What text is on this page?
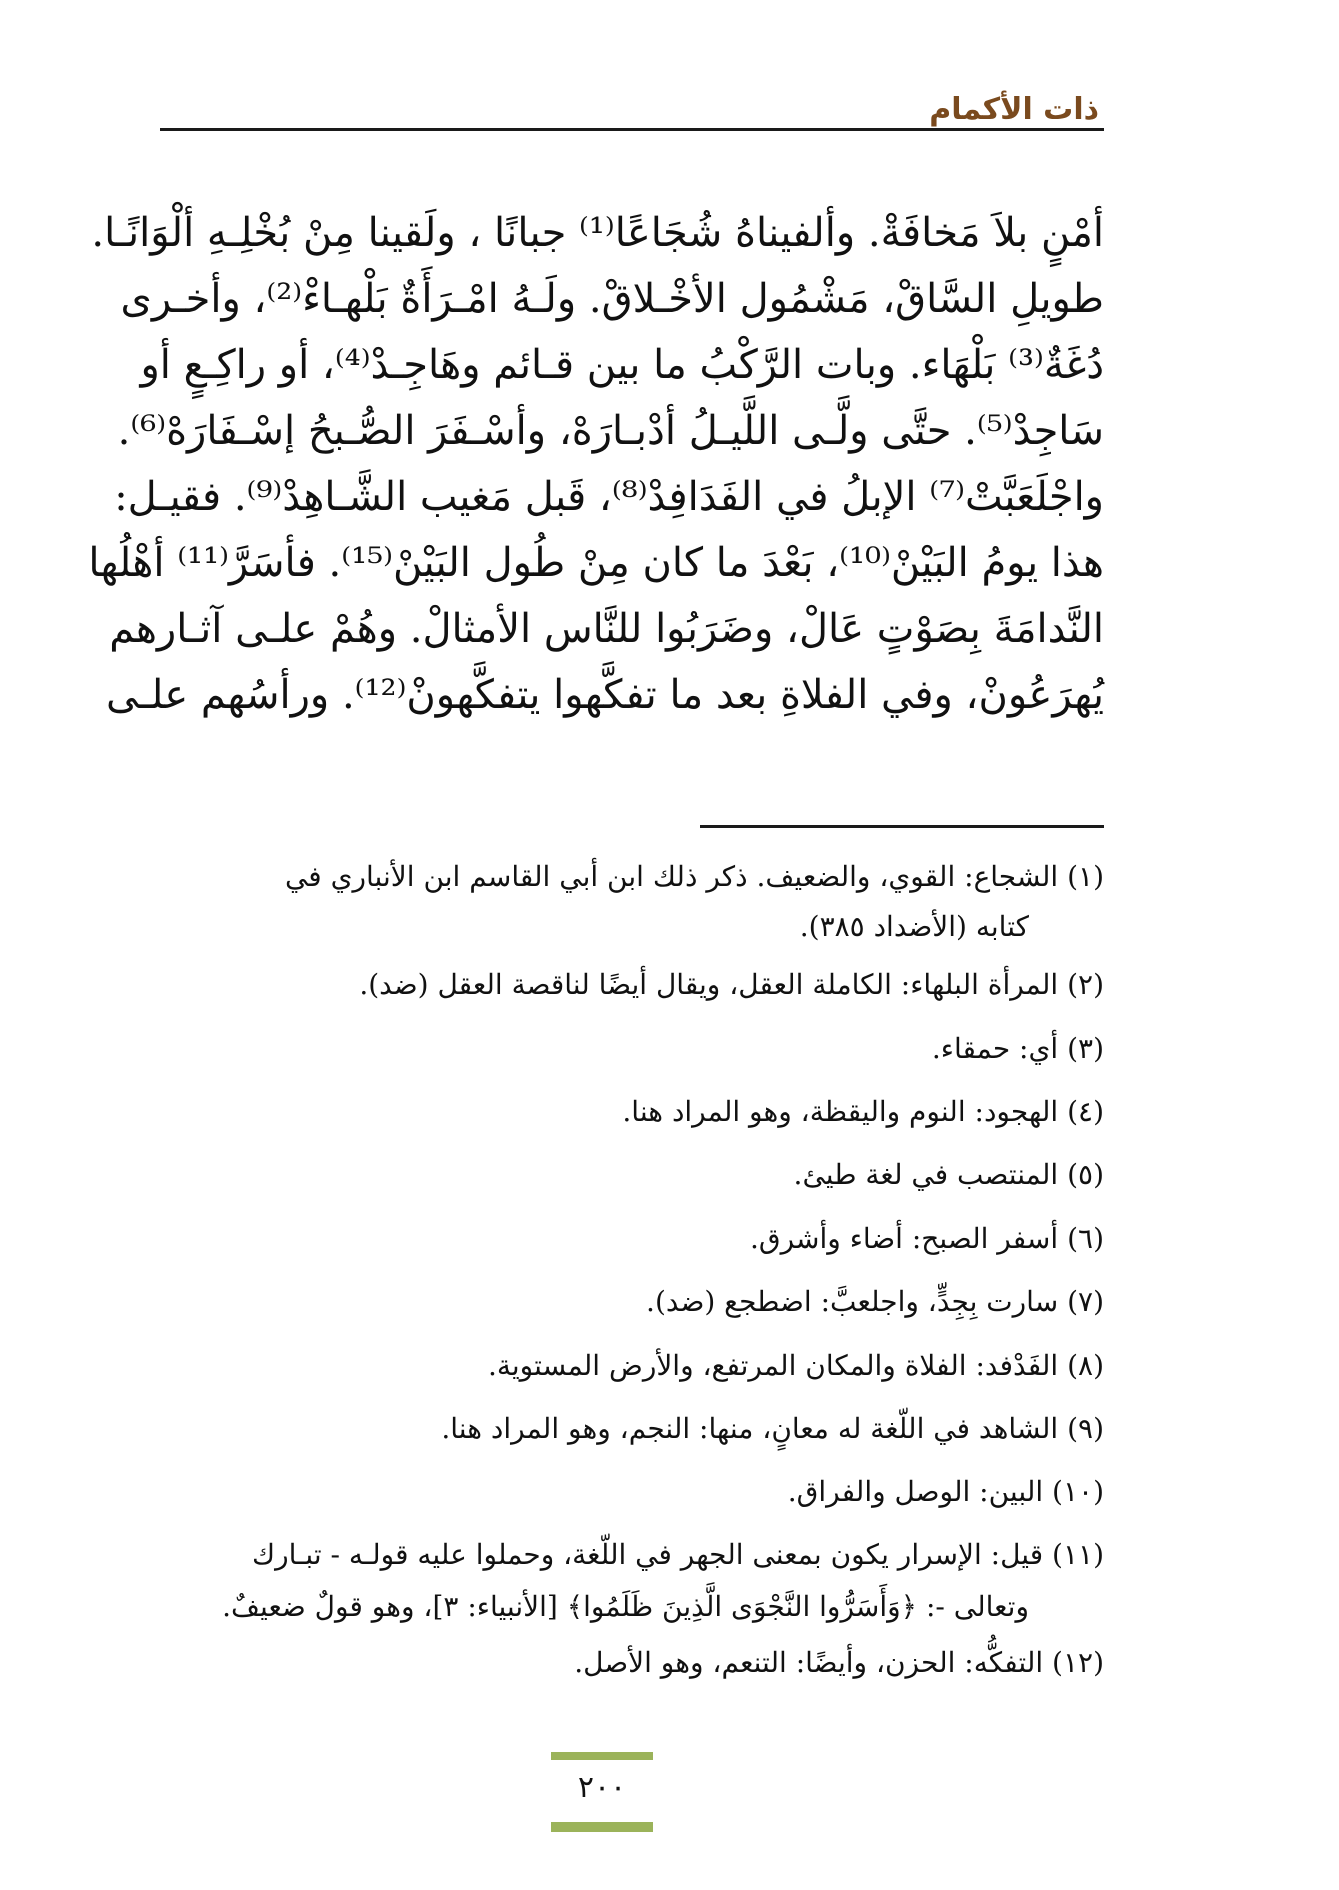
ذات الأكمام
أمْنٍ بلاَ مَخافَةْ. وألفيناهُ شُجَاعًا⁽¹⁾ جبانًا ، ولَقينا مِنْ بُخْلِـهِ ألْوَانًـا.
طويلِ السَّاقْ، مَشْمُول الأخْـلاقْ. ولَـهُ امْـرَأَةٌ بَلْهـاءْ⁽²⁾، وأخـرى
دُغَةٌ⁽³⁾ بَلْهَاء. وبات الرَّكْبُ ما بين قـائم وهَاجِـدْ⁽⁴⁾، أو راكِـعٍ أو
سَاجِدْ⁽⁵⁾. حتَّى ولَّـى اللَّيـلُ أدْبـارَهْ، وأسْـفَرَ الصُّـبحُ إسْـفَارَهْ⁽⁶⁾.
واجْلَعَبَّتْ⁽⁷⁾ الإبلُ في الفَدَافِدْ⁽⁸⁾، قَبل مَغيب الشَّـاهِدْ⁽⁹⁾. فقيـل:
هذا يومُ البَيْنْ⁽¹⁰⁾، بَعْدَ ما كان مِنْ طُول البَيْنْ⁽¹⁵⁾. فأسَرَّ⁽¹¹⁾ أهْلُها
النَّدامَةَ بِصَوْتٍ عَالْ، وضَرَبُوا للنَّاس الأمثالْ. وهُمْ علـى آثـارهم
يُهرَعُونْ، وفي الفلاةِ بعد ما تفكَّهوا يتفكَّهونْ⁽¹²⁾. ورأسُهم علـى
(١) الشجاع: القوي، والضعيف. ذكر ذلك ابن أبي القاسم ابن الأنباري في
كتابه (الأضداد ٣٨٥).
(٢) المرأة البلهاء: الكاملة العقل، ويقال أيضًا لناقصة العقل (ضد).
(٣) أي: حمقاء.
(٤) الهجود: النوم واليقظة، وهو المراد هنا.
(٥) المنتصب في لغة طيئ.
(٦) أسفر الصبح: أضاء وأشرق.
(٧) سارت بِجِدٍّ، واجلعبَّ: اضطجع (ضد).
(٨) الفَدْفد: الفلاة والمكان المرتفع، والأرض المستوية.
(٩) الشاهد في اللّغة له معانٍ، منها: النجم، وهو المراد هنا.
(١٠) البين: الوصل والفراق.
(١١) قيل: الإسرار يكون بمعنى الجهر في اللّغة، وحملوا عليه قولـه - تبـارك
وتعالى -: ﴿وَأَسَرُّوا النَّجْوَى الَّذِينَ ظَلَمُوا﴾ [الأنبياء: ٣]، وهو قولٌ ضعيفٌ.
(١٢) التفكُّه: الحزن، وأيضًا: التنعم، وهو الأصل.
٢٠٠
